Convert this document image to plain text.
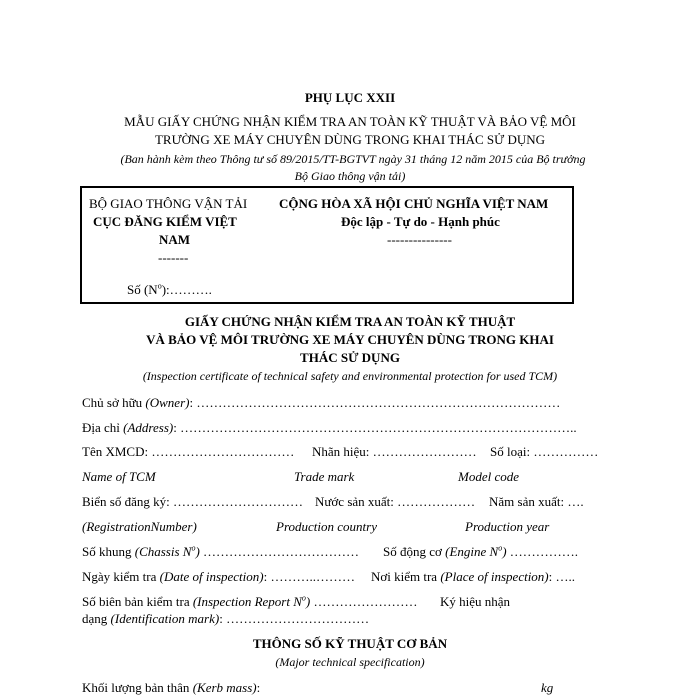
PHỤ LỤC XXII
MẪU GIẤY CHỨNG NHẬN KIỂM TRA AN TOÀN KỸ THUẬT VÀ BẢO VỆ MÔI
TRƯỜNG XE MÁY CHUYÊN DÙNG TRONG KHAI THÁC SỬ DỤNG
(Ban hành kèm theo Thông tư số 89/2015/TT-BGTVT ngày 31 tháng 12 năm 2015 của Bộ trưởng
Bộ Giao thông vận tải)
BỘ GIAO THÔNG VẬN TẢI
CỤC ĐĂNG KIỂM VIỆT
NAM
-------
Số $(N^o):\dots\dots\dots$.
CỘNG HÒA XÃ HỘI CHỦ NGHĨA VIỆT NAM
Độc lập - Tự do - Hạnh phúc
---------------
GIẤY CHỨNG NHẬN KIỂM TRA AN TOÀN KỸ THUẬT
VÀ BẢO VỆ MÔI TRƯỜNG XE MÁY CHUYÊN DÙNG TRONG KHAI
THÁC SỬ DỤNG
(Inspection certificate of technical safety and environmental protection for used TCM)
Chủ sở hữu (Owner): …………………………………………………………………………
Địa chỉ (Address): ………………………………………………………………………………..
Tên XMCD: …………………………… Nhãn hiệu: …………………… Số loại: ……………
Name of TCM	Trade mark	Model code
Biển số đăng ký: ………………………… Nước sản xuất: ……………… Năm sản xuất: ….
(RegistrationNumber)	Production country	Production year
Số khung (Chassis $N^o$) ……………………………… Số động cơ (Engine $N^o$) …………….
Ngày kiểm tra (Date of inspection): ………..……… Nơi kiểm tra (Place of inspection): …..
Số biên bản kiểm tra (Inspection Report $N^o$) …………………… Ký hiệu nhận
dạng (Identification mark): ……………………………
THÔNG SỐ KỸ THUẬT CƠ BẢN
(Major technical specification)
Khối lượng bản thân (Kerb mass):	kg
